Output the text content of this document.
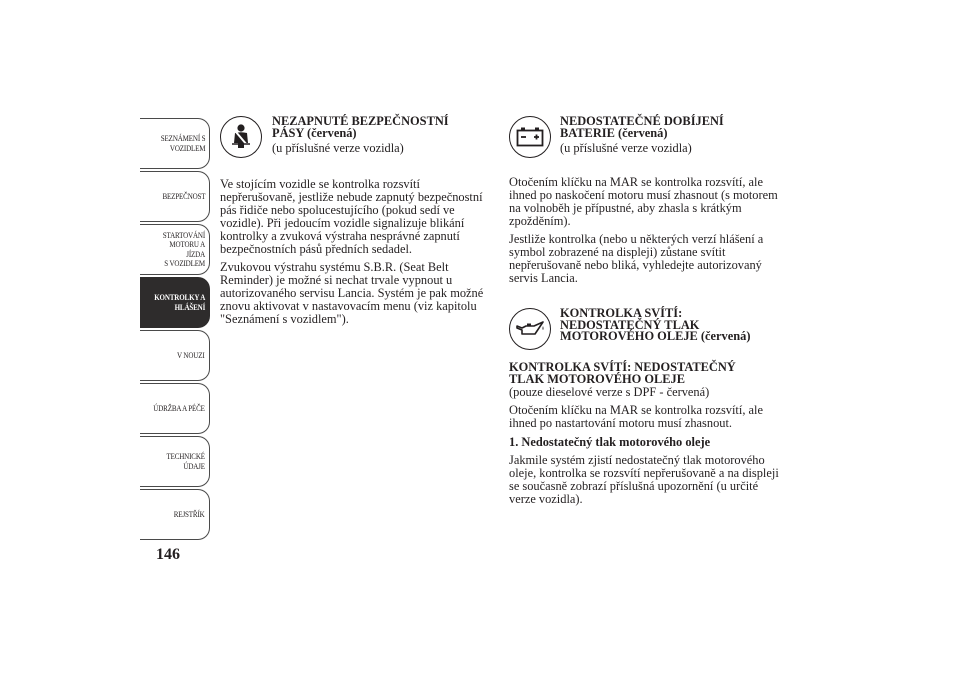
SEZNÁMENÍ S
VOZIDLEM
BEZPEČNOST
STARTOVÁNÍ
MOTORU A JÍZDA
S VOZIDLEM
KONTROLKY A
HLÁŠENÍ
V NOUZI
ÚDRŽBA A PÉČE
TECHNICKÉ
ÚDAJE
REJSTŘÍK
146
NEZAPNUTÉ BEZPEČNOSTNÍ
PÁSY (červená)
(u příslušné verze vozidla)

Ve stojícím vozidle se kontrolka rozsvítí nepřerušovaně, jestliže nebude zapnutý bezpečnostní pás řidiče nebo spolucestujícího (pokud sedí ve vozidle). Při jedoucím vozidle signalizuje blikání kontrolky a zvuková výstraha nesprávné zapnutí bezpečnostních pásů předních sedadel.

Zvukovou výstrahu systému S.B.R. (Seat Belt Reminder) je možné si nechat trvale vypnout u autorizovaného servisu Lancia. Systém je pak možné znovu aktivovat v nastavovacím menu (viz kapitolu "Seznámení s vozidlem").

NEDOSTATEČNÉ DOBÍJENÍ
BATERIE (červená)
(u příslušné verze vozidla)

Otočením klíčku na MAR se kontrolka rozsvítí, ale ihned po naskočení motoru musí zhasnout (s motorem na volnoběh je přípustné, aby zhasla s krátkým zpožděním).

Jestliže kontrolka (nebo u některých verzí hlášení a symbol zobrazené na displeji) zůstane svítit nepřerušovaně nebo bliká, vyhledejte autorizovaný servis Lancia.

KONTROLKA SVÍTÍ:
NEDOSTATEČNÝ TLAK
MOTOROVÉHO OLEJE (červená)
KONTROLKA SVÍTÍ: NEDOSTATEČNÝ
TLAK MOTOROVÉHO OLEJE

(pouze dieselové verze s DPF - červená)

Otočením klíčku na MAR se kontrolka rozsvítí, ale ihned po nastartování motoru musí zhasnout.

1. Nedostatečný tlak motorového oleje

Jakmile systém zjistí nedostatečný tlak motorového oleje, kontrolka se rozsvítí nepřerušovaně a na displeji se současně zobrazí příslušná upozornění (u určité verze vozidla).
